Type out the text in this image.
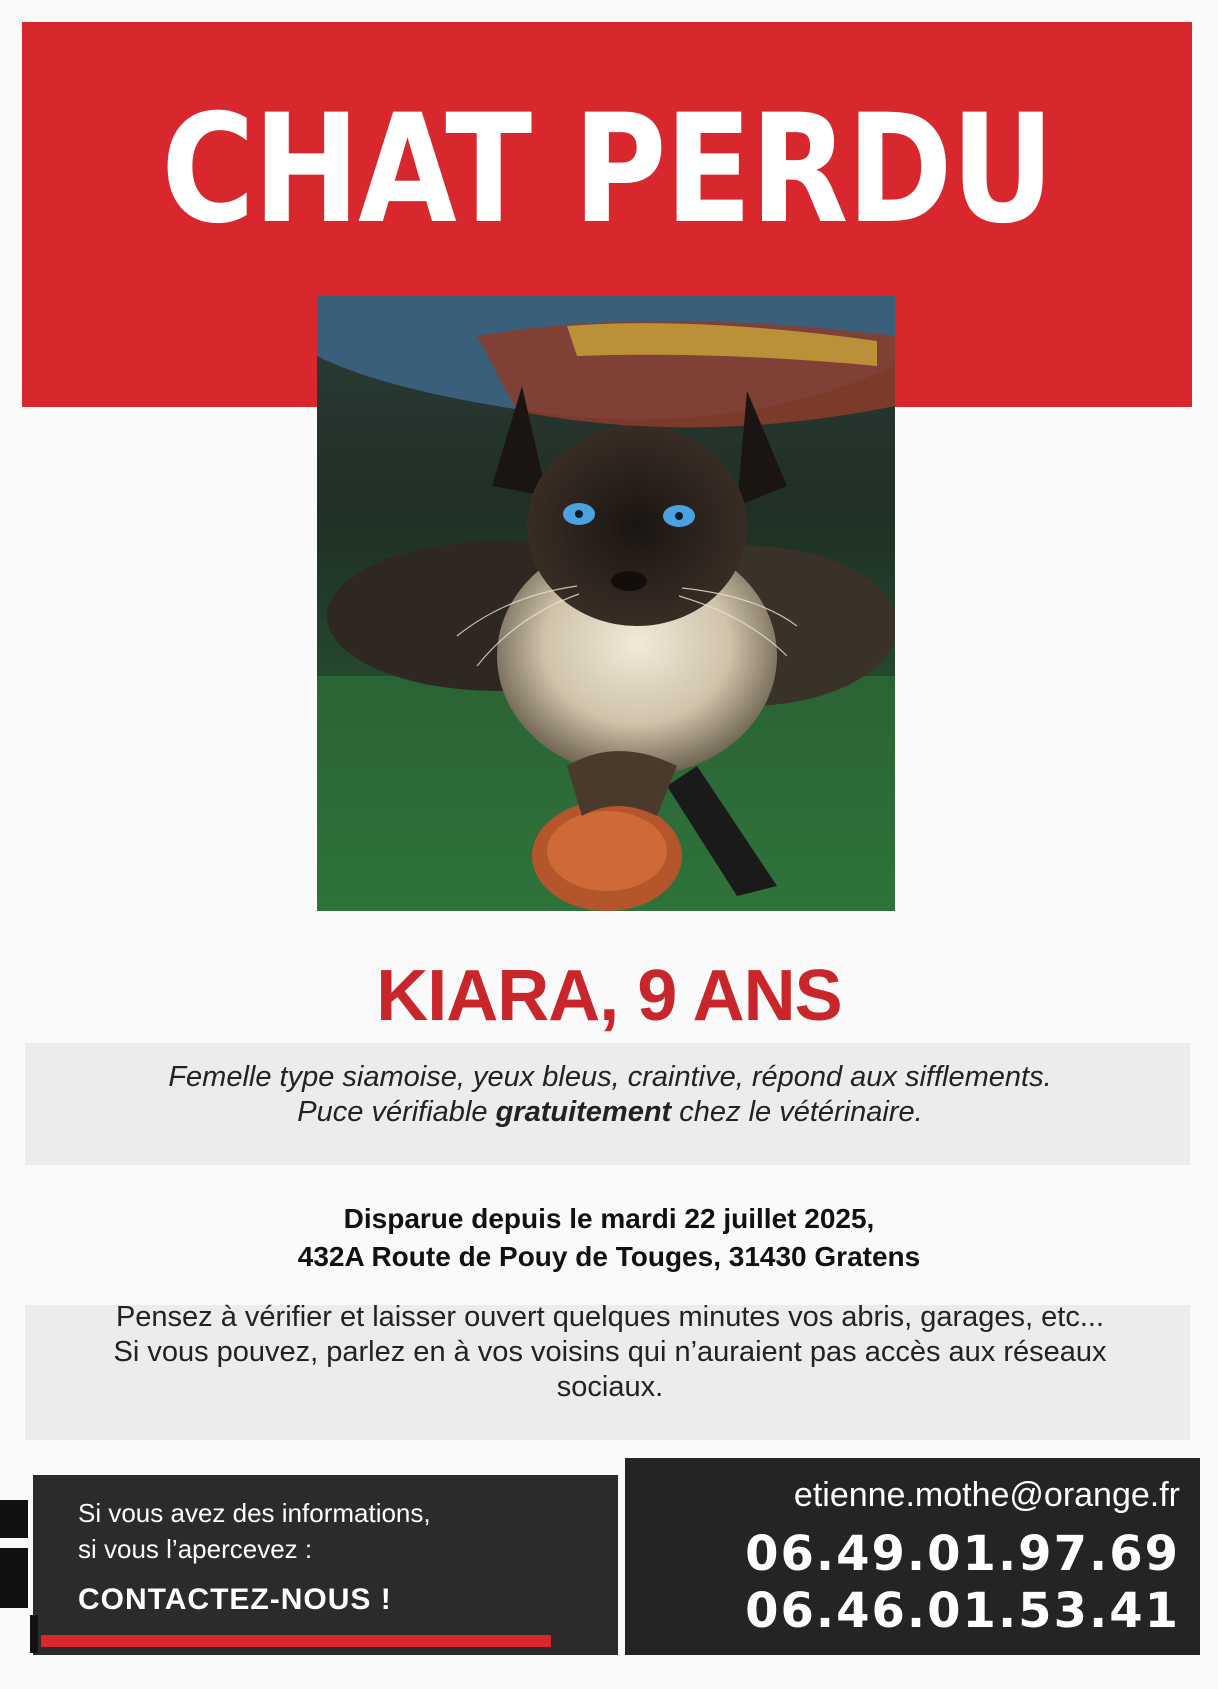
CHAT PERDU
KIARA, 9 ANS
Femelle type siamoise, yeux bleus, craintive, répond aux sifflements.
Puce vérifiable gratuitement chez le vétérinaire.
Disparue depuis le mardi 22 juillet 2025,
432A Route de Pouy de Touges, 31430 Gratens
Pensez à vérifier et laisser ouvert quelques minutes vos abris, garages, etc...
Si vous pouvez, parlez en à vos voisins qui n’auraient pas accès aux réseaux sociaux.
Si vous avez des informations,
si vous l’apercevez :
CONTACTEZ-NOUS !
etienne.mothe@orange.fr
06.49.01.97.69
06.46.01.53.41
